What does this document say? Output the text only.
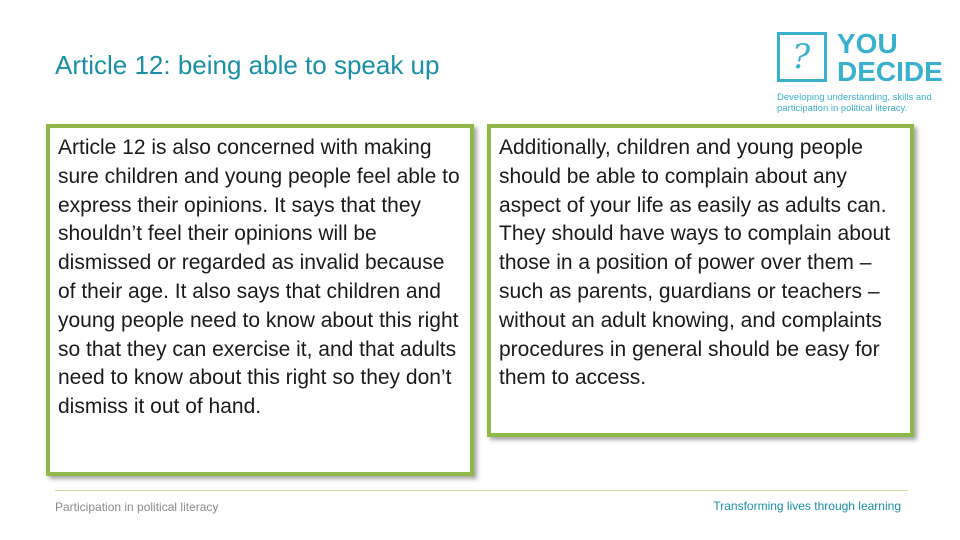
Article 12: being able to speak up	? YOU
DECIDE
Developing understanding, skills and participation in political literacy.
Article 12 is also concerned with making sure children and young people feel able to express their opinions. It says that they shouldn’t feel their opinions will be dismissed or regarded as invalid because of their age. It also says that children and young people need to know about this right so that they can exercise it, and that adults need to know about this right so they don’t dismiss it out of hand.
Additionally, children and young people should be able to complain about any aspect of your life as easily as adults can. They should have ways to complain about those in a position of power over them – such as parents, guardians or teachers – without an adult knowing, and complaints procedures in general should be easy for them to access.
Participation in political literacy	Transforming lives through learning
